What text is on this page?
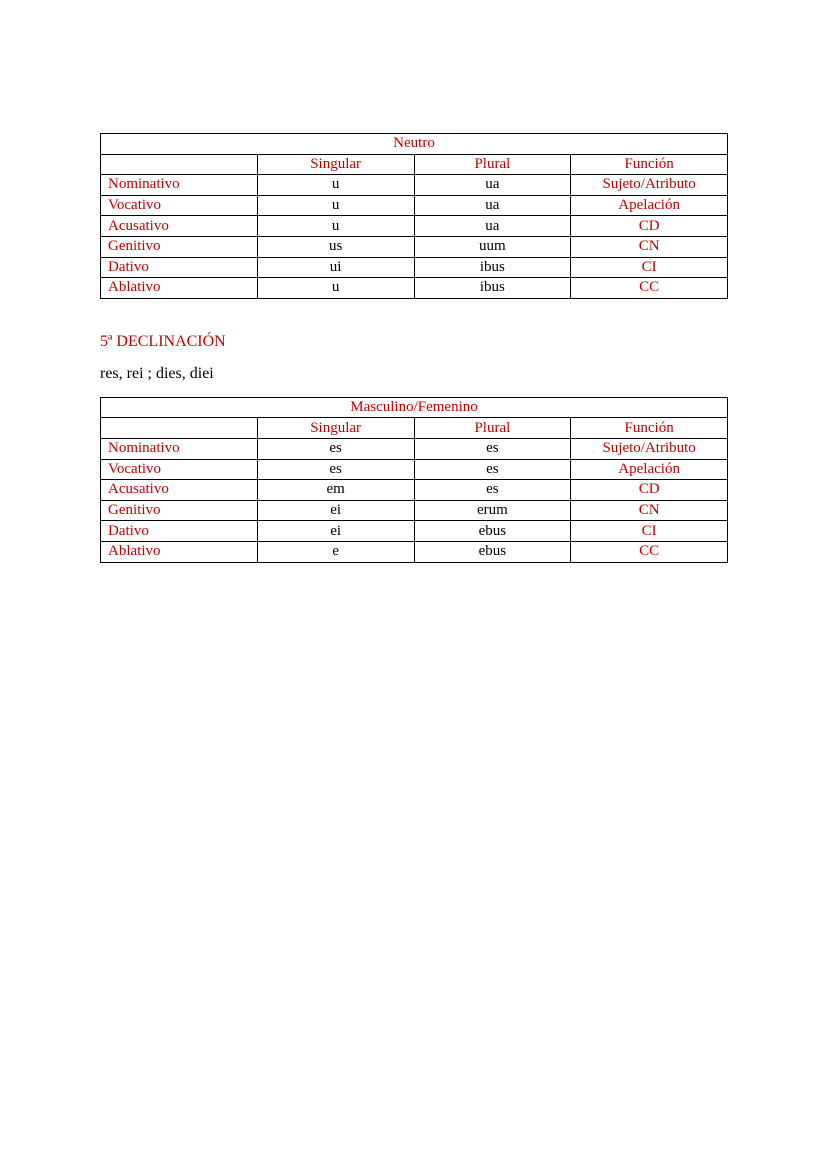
Neutro			
	Singular	Plural	Función
Nominativo	u	ua	Sujeto/Atributo
Vocativo	u	ua	Apelación
Acusativo	u	ua	CD
Genitivo	us	uum	CN
Dativo	ui	ibus	CI
Ablativo	u	ibus	CC
5ª DECLINACIÓN
res, rei ; dies, diei
Masculino/Femenino			
	Singular	Plural	Función
Nominativo	es	es	Sujeto/Atributo
Vocativo	es	es	Apelación
Acusativo	em	es	CD
Genitivo	ei	erum	CN
Dativo	ei	ebus	CI
Ablativo	e	ebus	CC
